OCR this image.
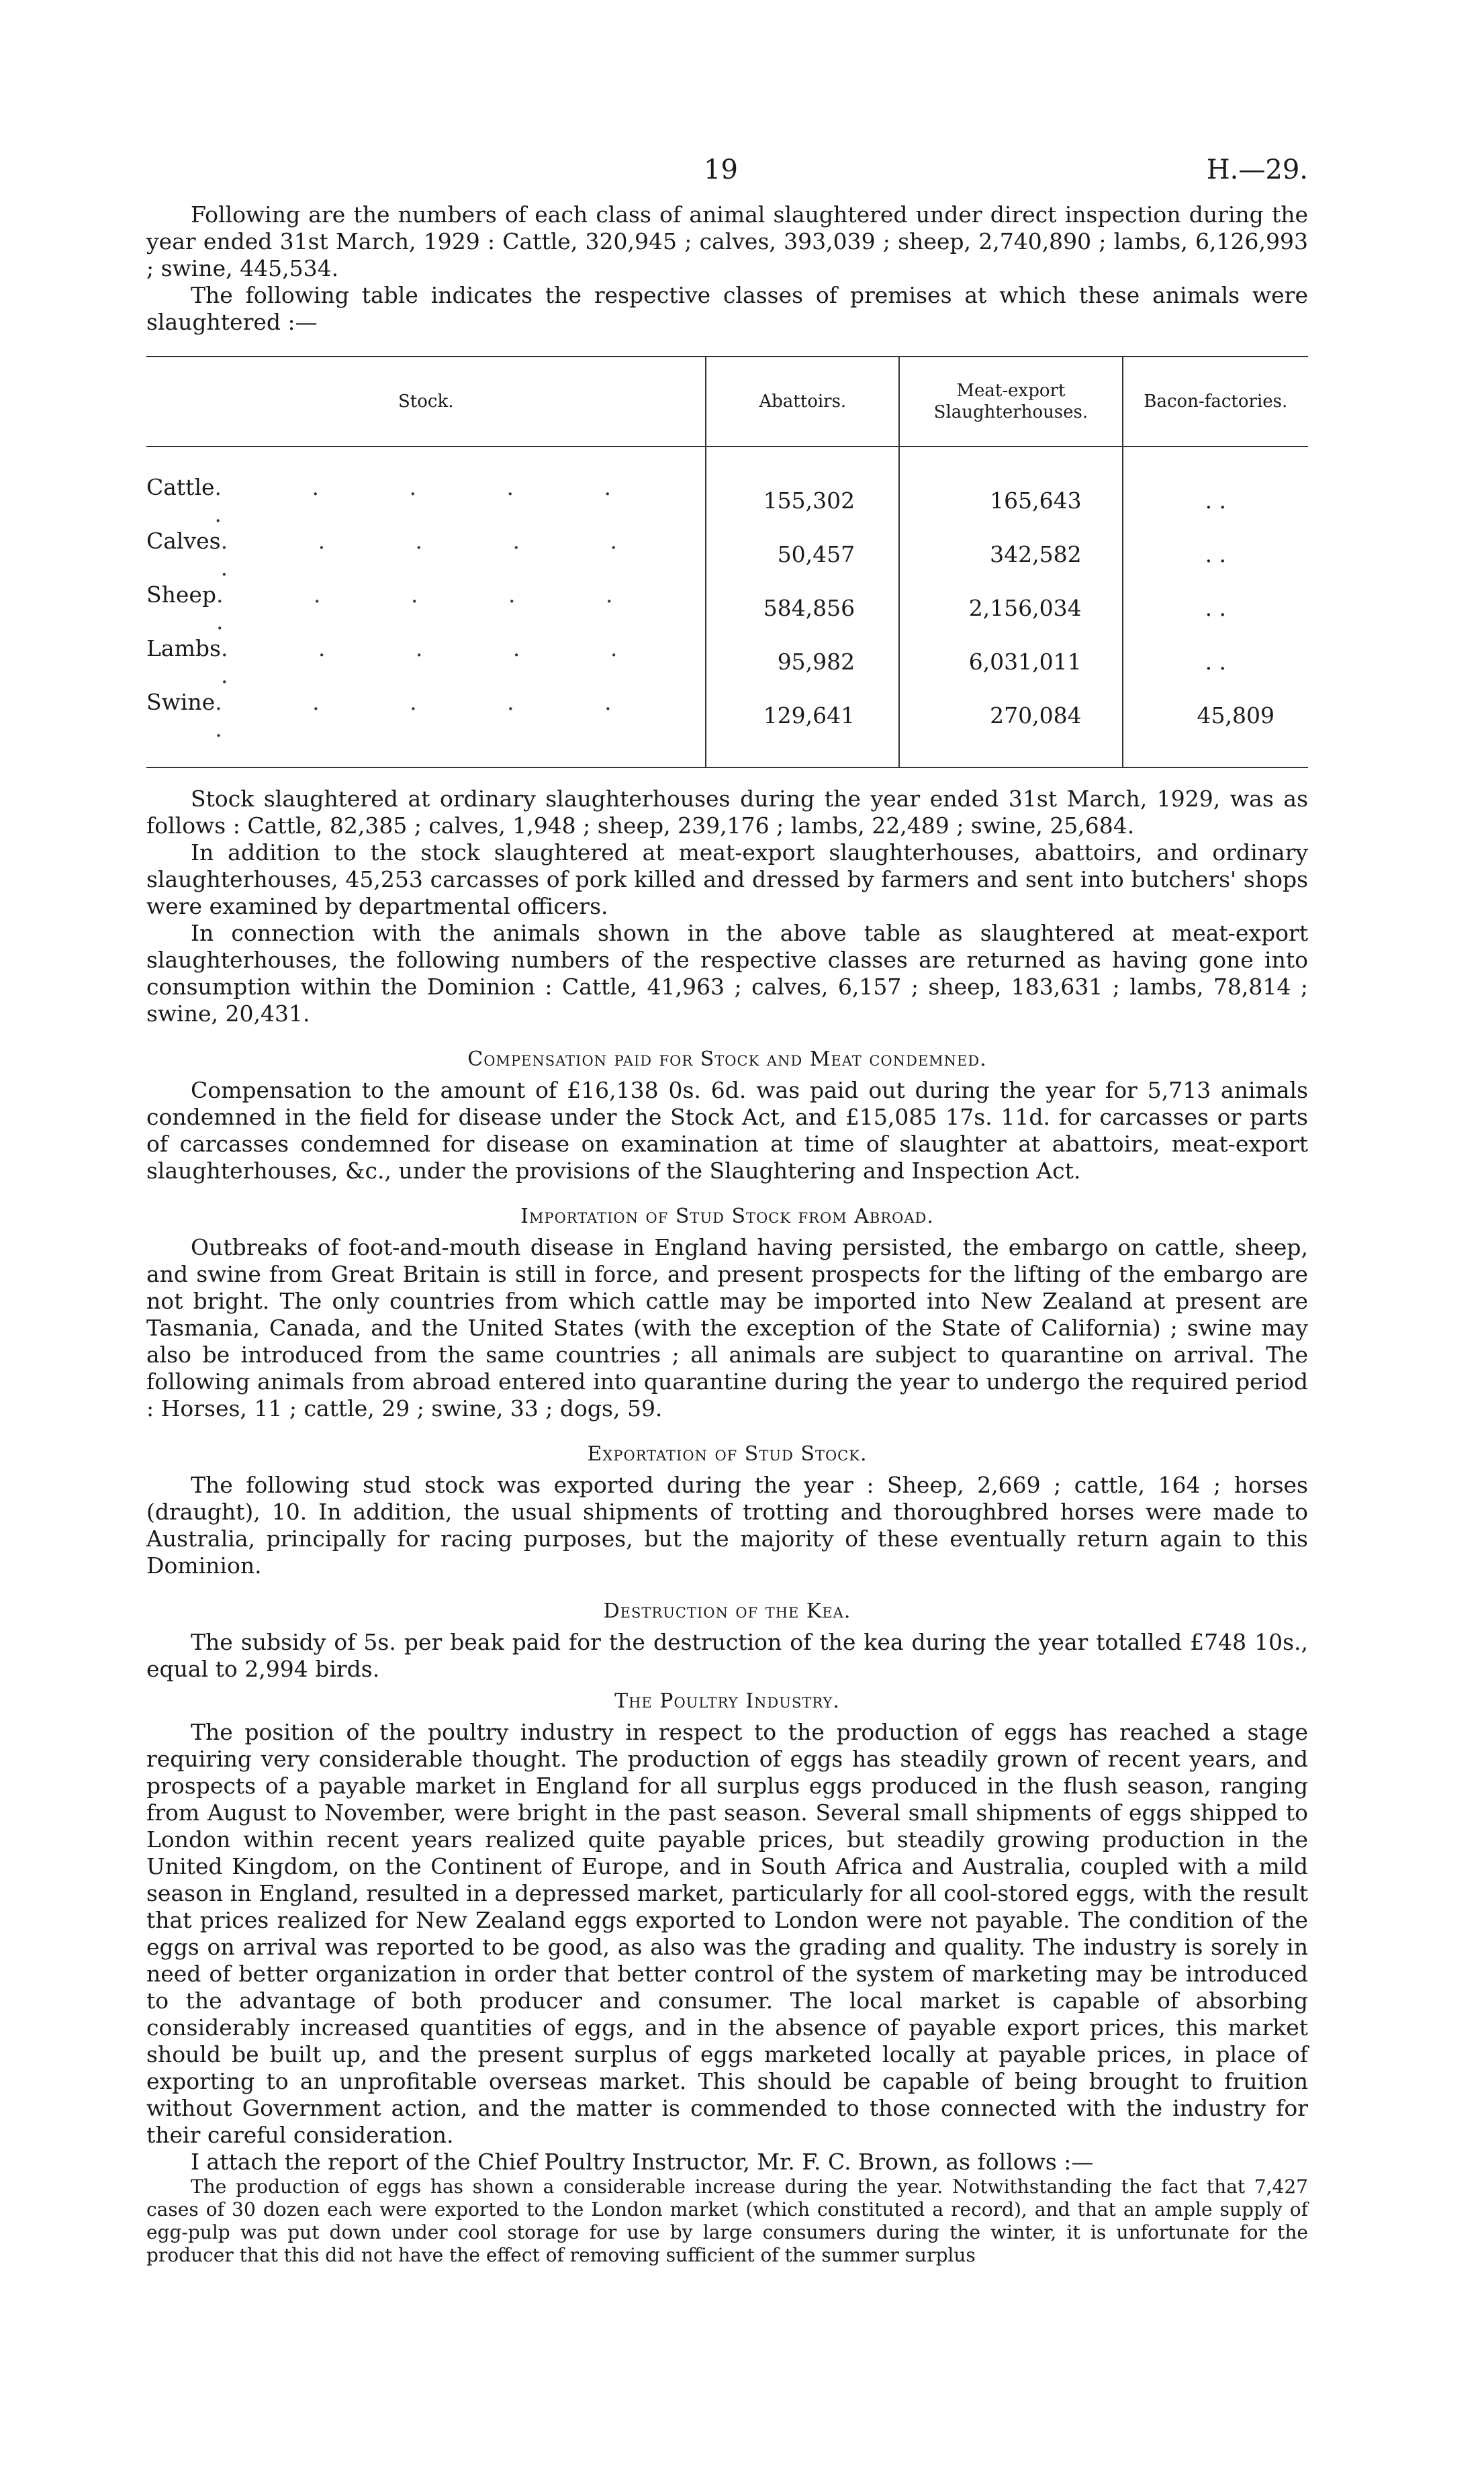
19	H.—29.

Following are the numbers of each class of animal slaughtered under direct inspection during the year ended 31st March, 1929 : Cattle, 320,945 ; calves, 393,039 ; sheep, 2,740,890 ; lambs, 6,126,993 ; swine, 445,534.

The following table indicates the respective classes of premises at which these animals were slaughtered :—

Stock.	Abattoirs.	Meat-export Slaughterhouses.	Bacon-factories.

Cattle . . . . . .	155,302	165,643	. .

Calves . . . . . .	50,457	342,582	. .

Sheep . . . . . .	584,856	2,156,034	. .

Lambs . . . . . .	95,982	6,031,011	. .

Swine . . . . . .	129,641	270,084	45,809

Stock slaughtered at ordinary slaughterhouses during the year ended 31st March, 1929, was as follows : Cattle, 82,385 ; calves, 1,948 ; sheep, 239,176 ; lambs, 22,489 ; swine, 25,684.

In addition to the stock slaughtered at meat-export slaughterhouses, abattoirs, and ordinary slaughterhouses, 45,253 carcasses of pork killed and dressed by farmers and sent into butchers' shops were examined by departmental officers.

In connection with the animals shown in the above table as slaughtered at meat-export slaughterhouses, the following numbers of the respective classes are returned as having gone into consumption within the Dominion : Cattle, 41,963 ; calves, 6,157 ; sheep, 183,631 ; lambs, 78,814 ; swine, 20,431.

Compensation paid for Stock and Meat condemned.

Compensation to the amount of £16,138 0s. 6d. was paid out during the year for 5,713 animals condemned in the field for disease under the Stock Act, and £15,085 17s. 11d. for carcasses or parts of carcasses condemned for disease on examination at time of slaughter at abattoirs, meat-export slaughterhouses, &c., under the provisions of the Slaughtering and Inspection Act.

Importation of Stud Stock from Abroad.

Outbreaks of foot-and-mouth disease in England having persisted, the embargo on cattle, sheep, and swine from Great Britain is still in force, and present prospects for the lifting of the embargo are not bright. The only countries from which cattle may be imported into New Zealand at present are Tasmania, Canada, and the United States (with the exception of the State of California) ; swine may also be introduced from the same countries ; all animals are subject to quarantine on arrival. The following animals from abroad entered into quarantine during the year to undergo the required period : Horses, 11 ; cattle, 29 ; swine, 33 ; dogs, 59.

Exportation of Stud Stock.

The following stud stock was exported during the year : Sheep, 2,669 ; cattle, 164 ; horses (draught), 10. In addition, the usual shipments of trotting and thoroughbred horses were made to Australia, principally for racing purposes, but the majority of these eventually return again to this Dominion.

Destruction of the Kea.

The subsidy of 5s. per beak paid for the destruction of the kea during the year totalled £748 10s., equal to 2,994 birds.

The Poultry Industry.

The position of the poultry industry in respect to the production of eggs has reached a stage requiring very considerable thought. The production of eggs has steadily grown of recent years, and prospects of a payable market in England for all surplus eggs produced in the flush season, ranging from August to November, were bright in the past season. Several small shipments of eggs shipped to London within recent years realized quite payable prices, but steadily growing production in the United Kingdom, on the Continent of Europe, and in South Africa and Australia, coupled with a mild season in England, resulted in a depressed market, particularly for all cool-stored eggs, with the result that prices realized for New Zealand eggs exported to London were not payable. The condition of the eggs on arrival was reported to be good, as also was the grading and quality. The industry is sorely in need of better organization in order that better control of the system of marketing may be introduced to the advantage of both producer and consumer. The local market is capable of absorbing considerably increased quantities of eggs, and in the absence of payable export prices, this market should be built up, and the present surplus of eggs marketed locally at payable prices, in place of exporting to an unprofitable overseas market. This should be capable of being brought to fruition without Government action, and the matter is commended to those connected with the industry for their careful consideration.

I attach the report of the Chief Poultry Instructor, Mr. F. C. Brown, as follows :—

The production of eggs has shown a considerable increase during the year. Notwithstanding the fact that 7,427 cases of 30 dozen each were exported to the London market (which constituted a record), and that an ample supply of egg-pulp was put down under cool storage for use by large consumers during the winter, it is unfortunate for the producer that this did not have the effect of removing sufficient of the summer surplus
